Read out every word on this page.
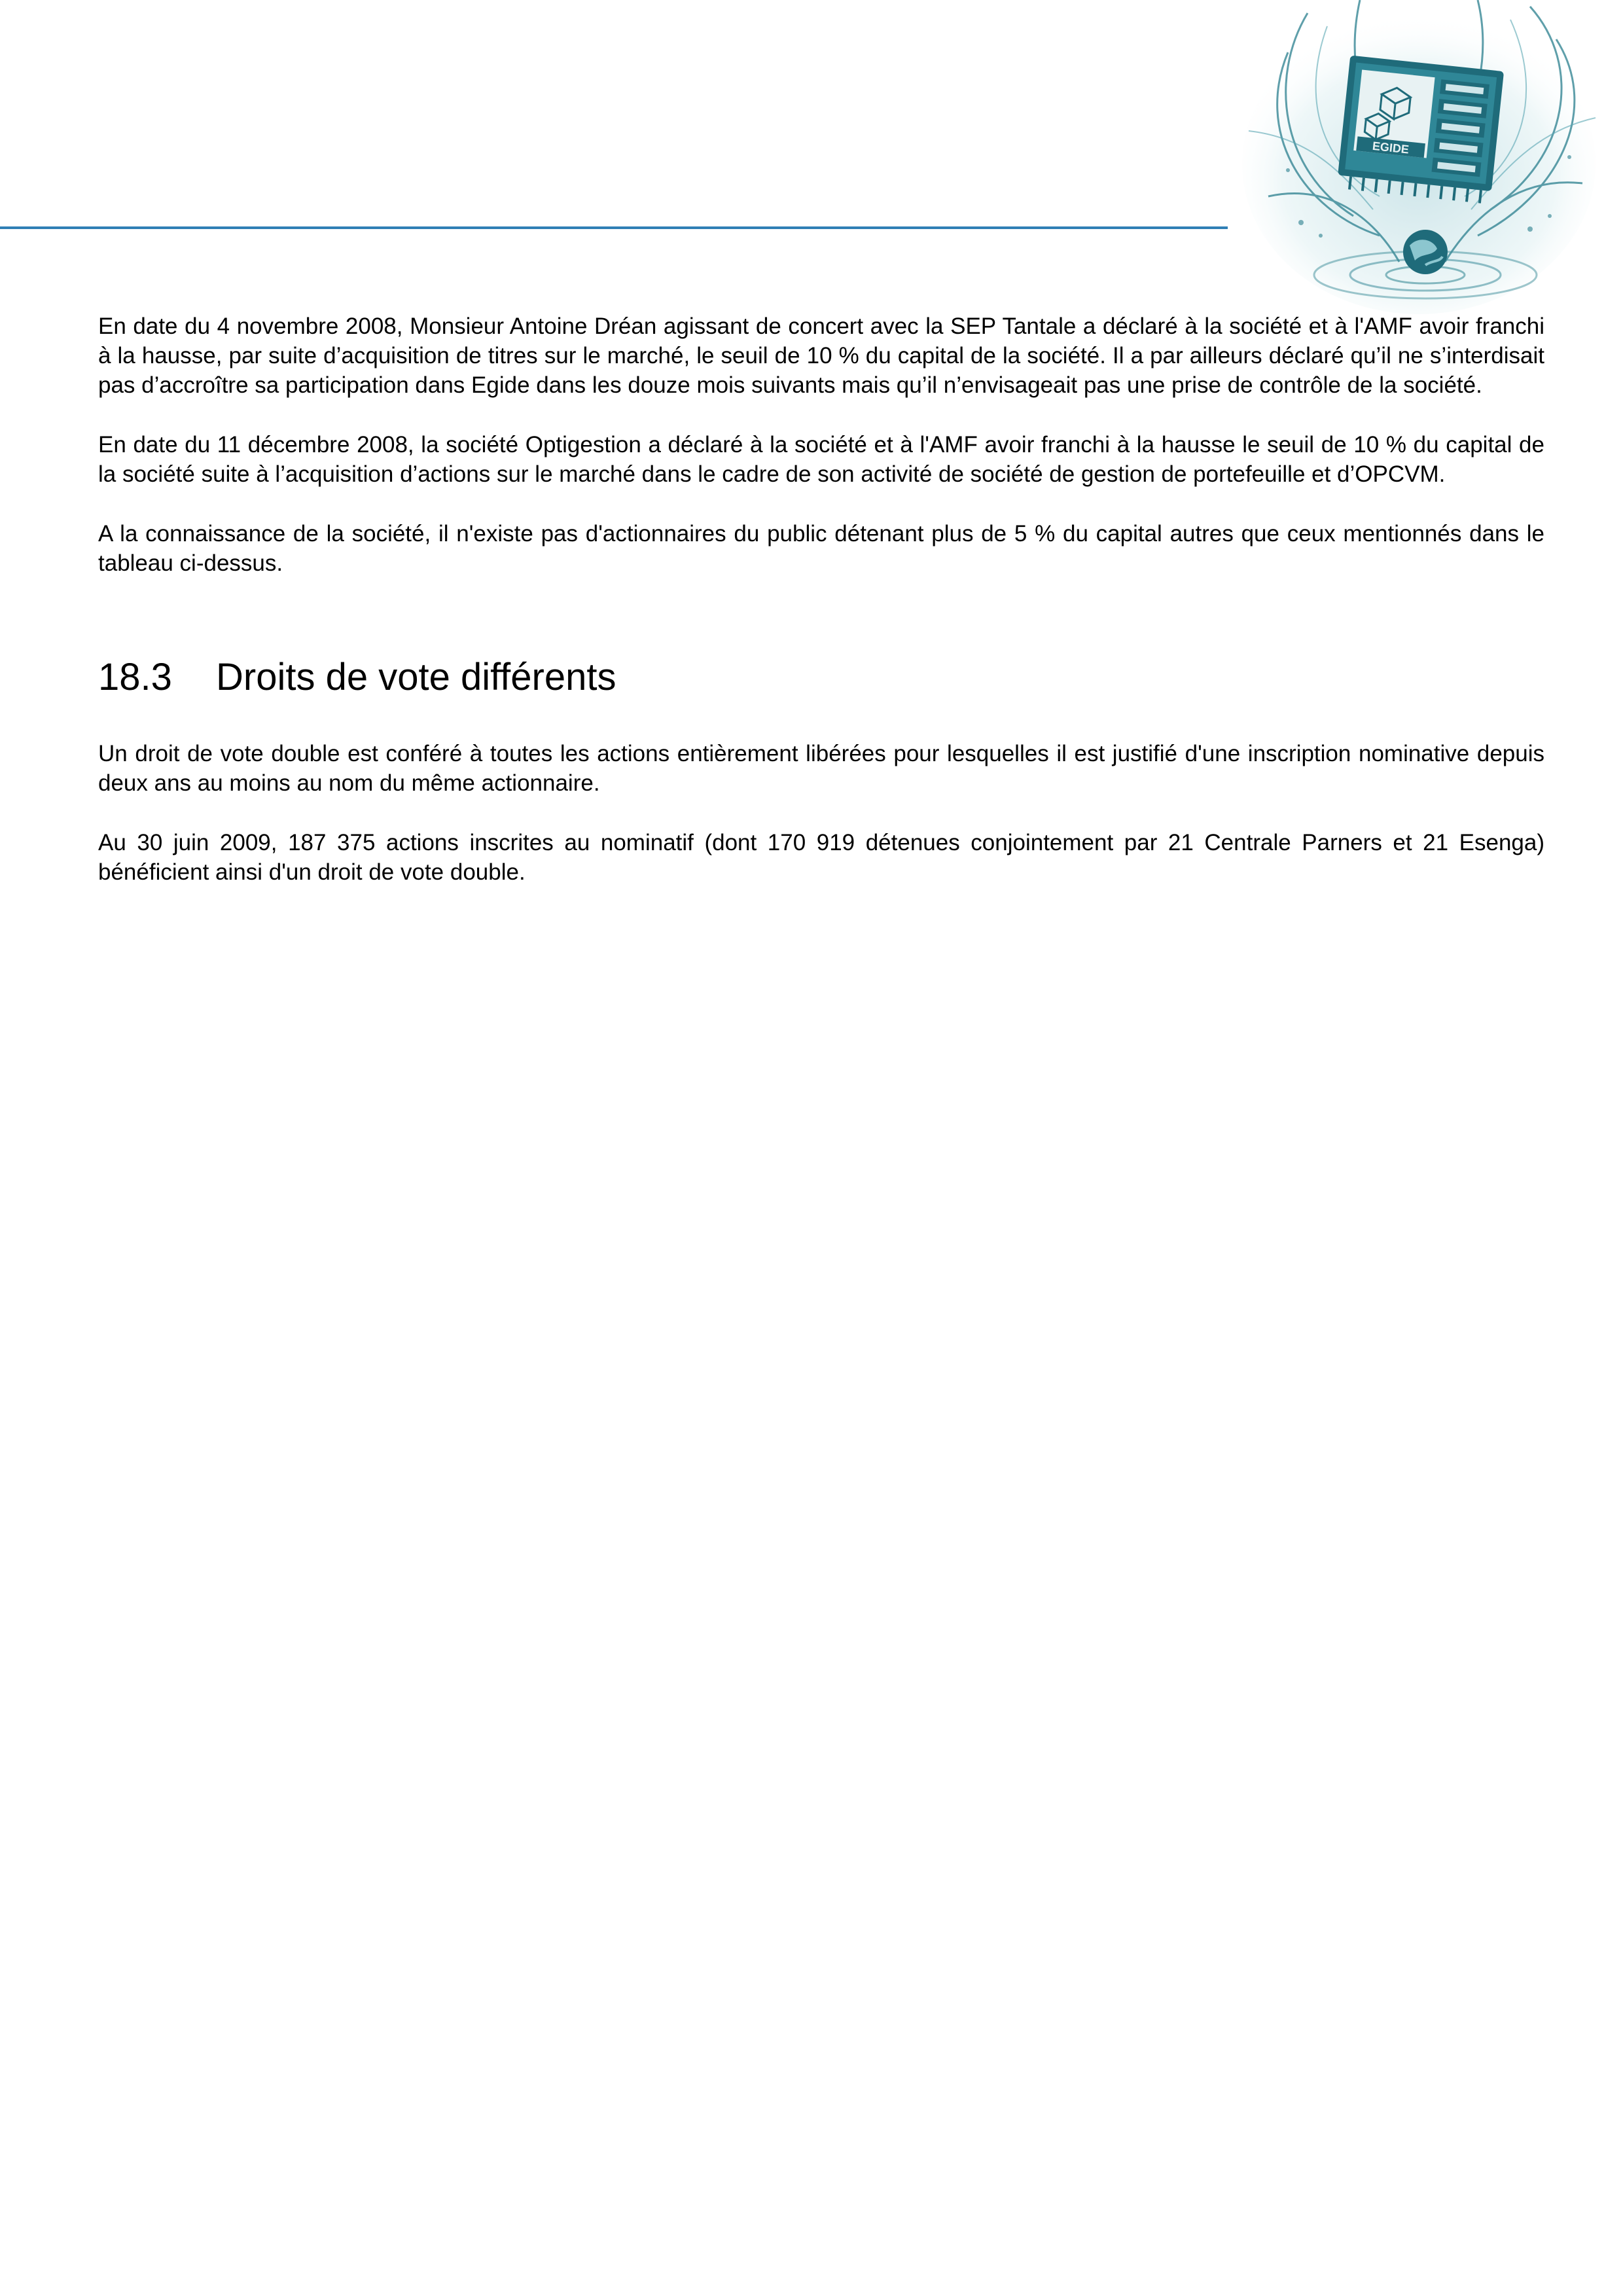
EGIDE

En date du 4 novembre 2008, Monsieur Antoine Dréan agissant de concert avec la SEP Tantale a déclaré à la société et à l'AMF avoir franchi à la hausse, par suite d’acquisition de titres sur le marché, le seuil de 10 % du capital de la société. Il a par ailleurs déclaré qu’il ne s’interdisait pas d’accroître sa participation dans Egide dans les douze mois suivants mais qu’il n’envisageait pas une prise de contrôle de la société.

En date du 11 décembre 2008, la société Optigestion a déclaré à la société et à l'AMF avoir franchi à la hausse le seuil de 10 % du capital de la société suite à l’acquisition d’actions sur le marché dans le cadre de son activité de société de gestion de portefeuille et d’OPCVM.

A la connaissance de la société, il n'existe pas d'actionnaires du public détenant plus de 5 % du capital autres que ceux mentionnés dans le tableau ci-dessus.

18.3	Droits de vote différents

Un droit de vote double est conféré à toutes les actions entièrement libérées pour lesquelles il est justifié d'une inscription nominative depuis deux ans au moins au nom du même actionnaire.

Au 30 juin 2009, 187 375 actions inscrites au nominatif (dont 170 919 détenues conjointement par 21 Centrale Parners et 21 Esenga) bénéficient ainsi d'un droit de vote double.
